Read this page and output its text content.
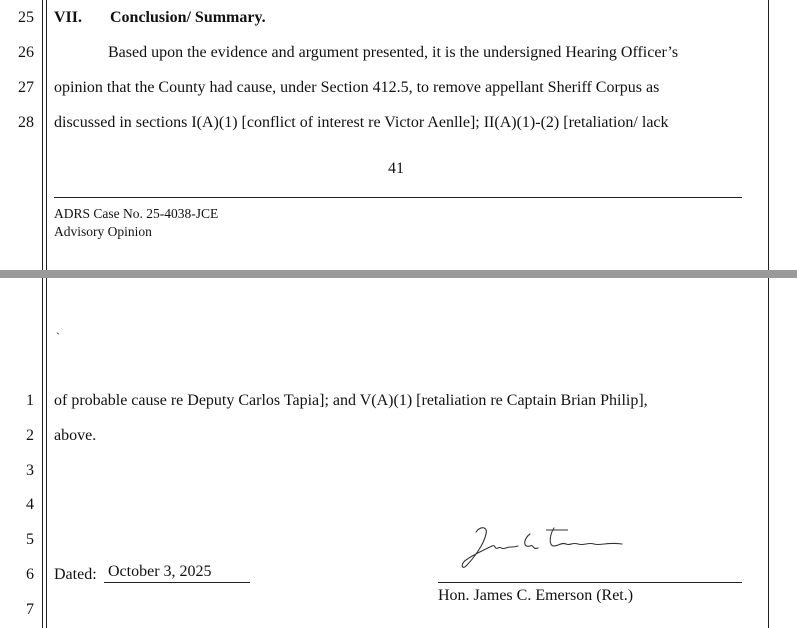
25
26
27
28
VII. Conclusion/ Summary.
Based upon the evidence and argument presented, it is the undersigned Hearing Officer’s
opinion that the County had cause, under Section 412.5, to remove appellant Sheriff Corpus as
discussed in sections I(A)(1) [conflict of interest re Victor Aenlle]; II(A)(1)-(2) [retaliation/ lack
41
ADRS Case No. 25-4038-JCE
Advisory Opinion
`
1
2
3
4
5
6
7
of probable cause re Deputy Carlos Tapia]; and V(A)(1) [retaliation re Captain Brian Philip],
above.
Dated: October 3, 2025
Hon. James C. Emerson (Ret.)
